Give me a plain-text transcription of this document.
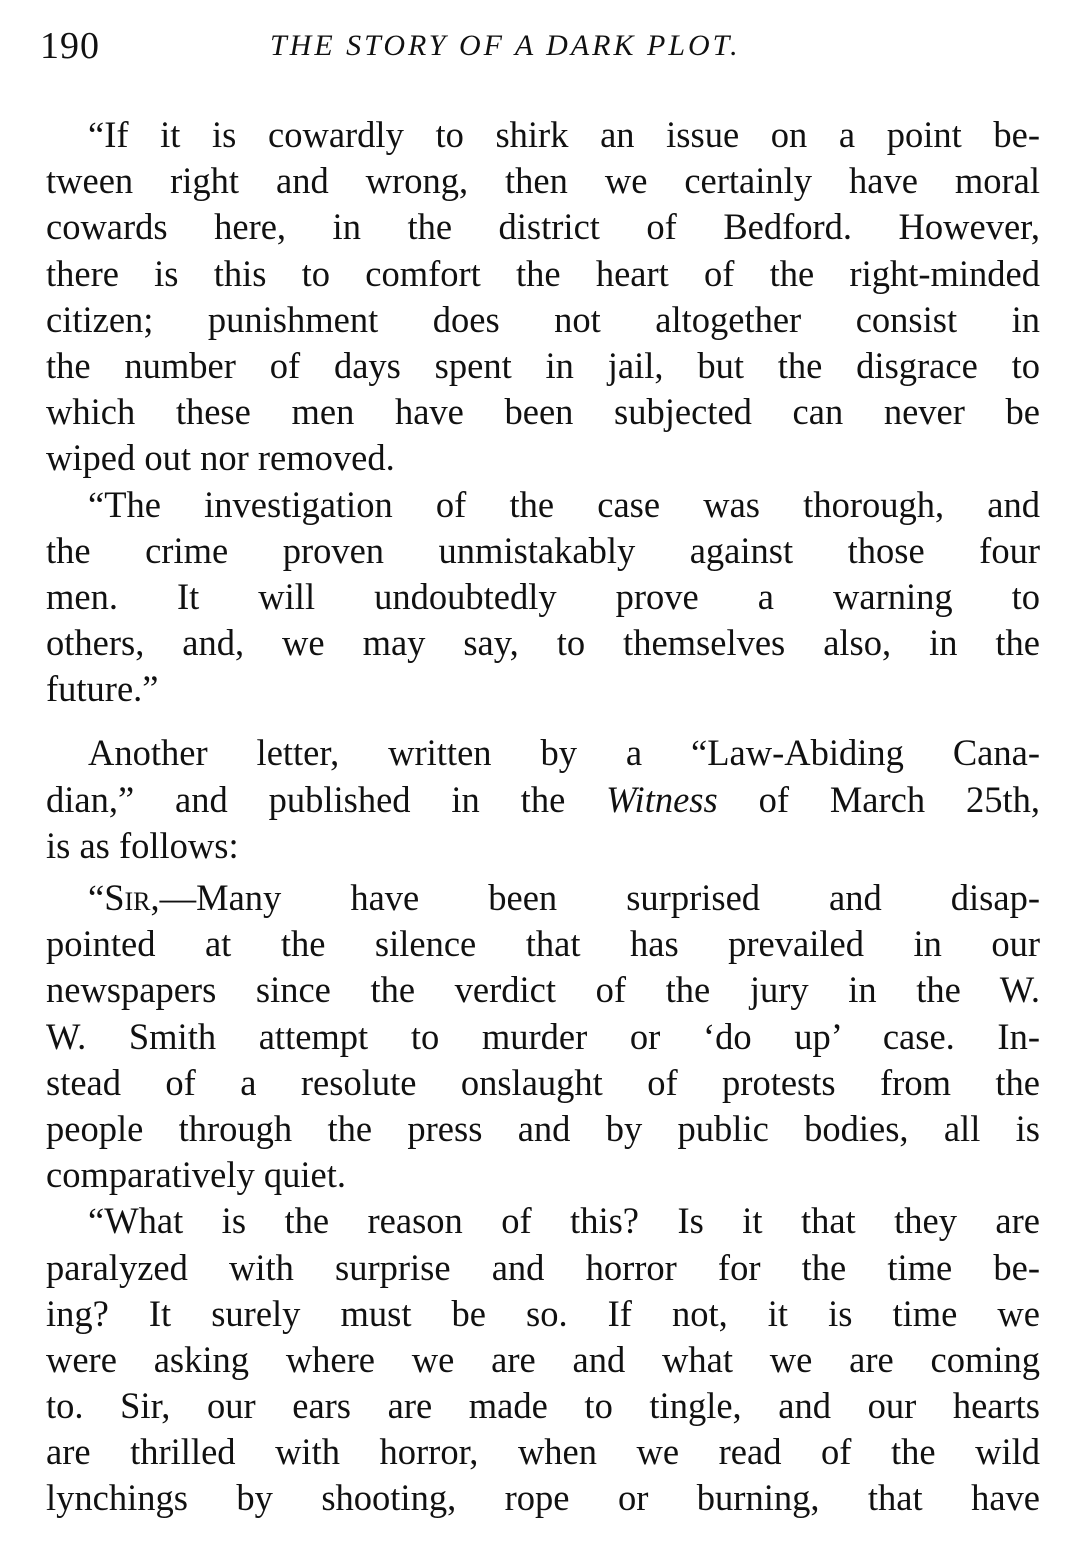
190	THE STORY OF A DARK PLOT.
“If it is cowardly to shirk an issue on a point be-
tween right and wrong, then we certainly have moral
cowards here, in the district of Bedford. However,
there is this to comfort the heart of the right-minded
citizen; punishment does not altogether consist in
the number of days spent in jail, but the disgrace to
which these men have been subjected can never be
wiped out nor removed.
“The investigation of the case was thorough, and
the crime proven unmistakably against those four
men. It will undoubtedly prove a warning to
others, and, we may say, to themselves also, in the
future.”
Another letter, written by a “Law-Abiding Cana-
dian,” and published in the Witness of March 25th,
is as follows:
“Sir,—Many have been surprised and disap-
pointed at the silence that has prevailed in our
newspapers since the verdict of the jury in the W.
W. Smith attempt to murder or ‘do up’ case. In-
stead of a resolute onslaught of protests from the
people through the press and by public bodies, all is
comparatively quiet.
“What is the reason of this? Is it that they are
paralyzed with surprise and horror for the time be-
ing? It surely must be so. If not, it is time we
were asking where we are and what we are coming
to. Sir, our ears are made to tingle, and our hearts
are thrilled with horror, when we read of the wild
lynchings by shooting, rope or burning, that have
